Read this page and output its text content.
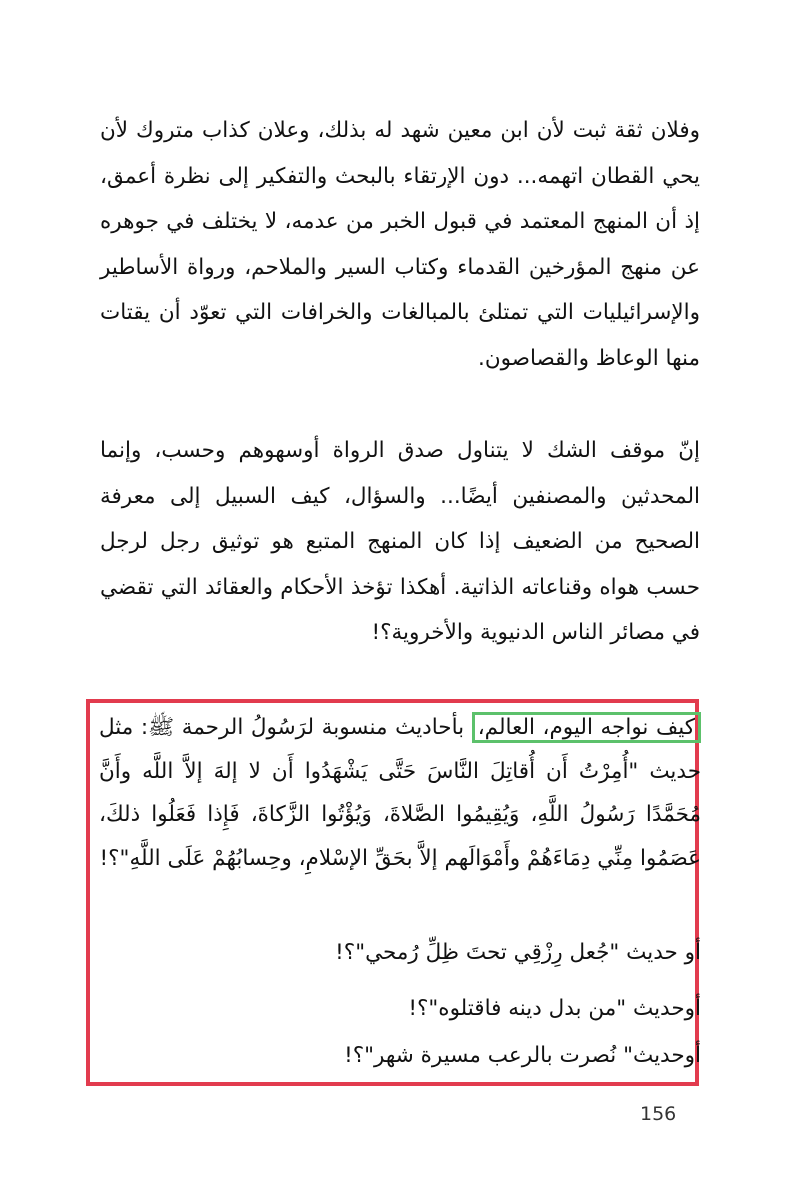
وفلان ثقة ثبت لأن ابن معين شهد له بذلك، وعلان كذاب متروك لأن يحي القطان اتهمه... دون الإرتقاء بالبحث والتفكير إلى نظرة أعمق، إذ أن المنهج المعتمد في قبول الخبر من عدمه، لا يختلف في جوهره عن منهج المؤرخين القدماء وكتاب السير والملاحم، ورواة الأساطير والإسرائيليات التي تمتلئ بالمبالغات والخرافات التي تعوّد أن يقتات منها الوعاظ والقصاصون.
إنّ موقف الشك لا يتناول صدق الرواة أوسهوهم وحسب، وإنما المحدثين والمصنفين أيضًا... والسؤال، كيف السبيل إلى معرفة الصحيح من الضعيف إذا كان المنهج المتبع هو توثيق رجل لرجل حسب هواه وقناعاته الذاتية. أهكذا تؤخذ الأحكام والعقائد التي تقضي في مصائر الناس الدنيوية والأخروية؟!
كيف نواجه اليوم، العالم، بأحاديث منسوبة لرَسُولُ الرحمة ﷺ: مثل حديث "أُمِرْتُ أَن أُقاتِلَ النَّاسَ حَتَّى يَشْهَدُوا أَن لا إلهَ إلاَّ اللَّه وأَنَّ مُحَمَّدًا رَسُولُ اللَّهِ، وَيُقِيمُوا الصَّلاةَ، وَيُؤْتُوا الزَّكاةَ، فَإِذا فَعَلُوا ذلكَ، عَصَمُوا مِنِّي دِمَاءَهُمْ وأَمْوَالَهم إلاَّ بحَقِّ الإسْلامِ، وحِسابُهُمْ عَلَى اللَّهِ"؟!
أو حديث "جُعل رِزْقِي تحتَ ظِلِّ رُمحي"؟!
أوحديث "من بدل دينه فاقتلوه"؟!
أوحديث" نُصرت بالرعب مسيرة شهر"؟!
156
